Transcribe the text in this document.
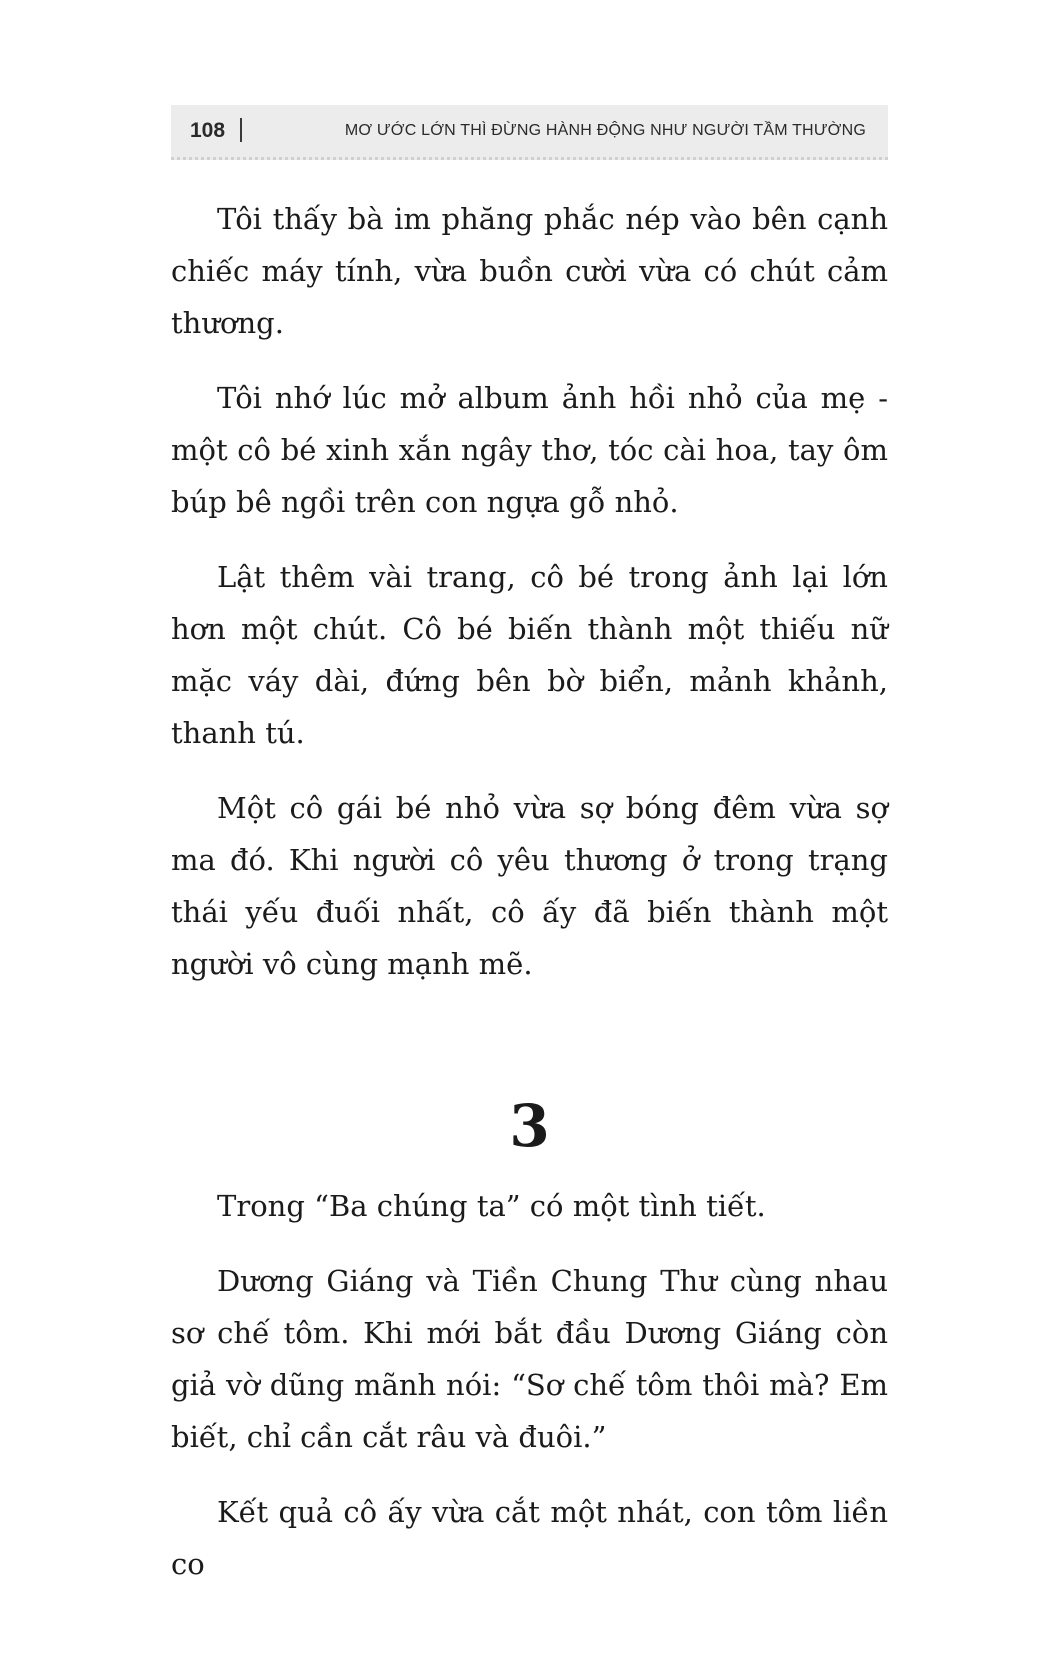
108	MƠ ƯỚC LỚN THÌ ĐỪNG HÀNH ĐỘNG NHƯ NGƯỜI TẦM THƯỜNG

Tôi thấy bà im phăng phắc nép vào bên cạnh chiếc máy tính, vừa buồn cười vừa có chút cảm thương.

Tôi nhớ lúc mở album ảnh hồi nhỏ của mẹ - một cô bé xinh xắn ngây thơ, tóc cài hoa, tay ôm búp bê ngồi trên con ngựa gỗ nhỏ.

Lật thêm vài trang, cô bé trong ảnh lại lớn hơn một chút. Cô bé biến thành một thiếu nữ mặc váy dài, đứng bên bờ biển, mảnh khảnh, thanh tú.

Một cô gái bé nhỏ vừa sợ bóng đêm vừa sợ ma đó. Khi người cô yêu thương ở trong trạng thái yếu đuối nhất, cô ấy đã biến thành một người vô cùng mạnh mẽ.

3

Trong “Ba chúng ta” có một tình tiết.

Dương Giáng và Tiền Chung Thư cùng nhau sơ chế tôm. Khi mới bắt đầu Dương Giáng còn giả vờ dũng mãnh nói: “Sơ chế tôm thôi mà? Em biết, chỉ cần cắt râu và đuôi.”

Kết quả cô ấy vừa cắt một nhát, con tôm liền co
